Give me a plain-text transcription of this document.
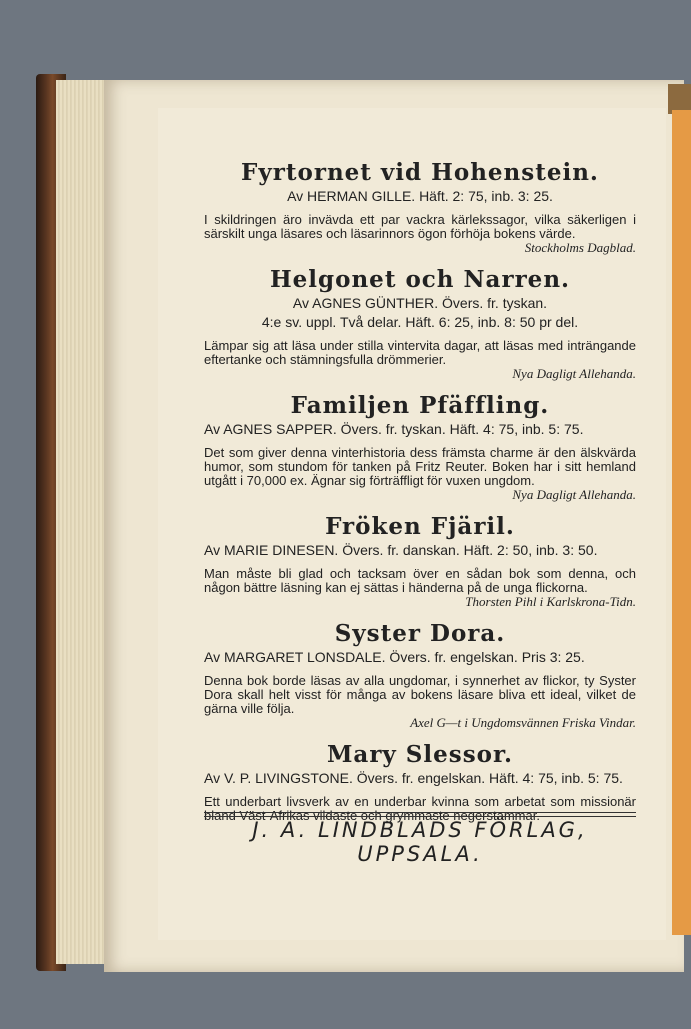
Fyrtornet vid Hohenstein.
Av HERMAN GILLE. Häft. 2: 75, inb. 3: 25.
I skildringen äro invävda ett par vackra kärlekssagor, vilka säkerligen i särskilt unga läsares och läsarinnors ögon förhöja bokens värde.
Stockholms Dagblad.
Helgonet och Narren.
Av AGNES GÜNTHER. Övers. fr. tyskan.
4:e sv. uppl. Två delar. Häft. 6: 25, inb. 8: 50 pr del.
Lämpar sig att läsa under stilla vintervita dagar, att läsas med inträngande eftertanke och stämningsfulla drömmerier.
Nya Dagligt Allehanda.
Familjen Pfäffling.
Av AGNES SAPPER. Övers. fr. tyskan. Häft. 4: 75, inb. 5: 75.
Det som giver denna vinterhistoria dess främsta charme är den älskvärda humor, som stundom för tanken på Fritz Reuter. Boken har i sitt hemland utgått i 70,000 ex. Ägnar sig förträffligt för vuxen ungdom.
Nya Dagligt Allehanda.
Fröken Fjäril.
Av MARIE DINESEN. Övers. fr. danskan. Häft. 2: 50, inb. 3: 50.
Man måste bli glad och tacksam över en sådan bok som denna, och någon bättre läsning kan ej sättas i händerna på de unga flickorna.
Thorsten Pihl i Karlskrona-Tidn.
Syster Dora.
Av MARGARET LONSDALE. Övers. fr. engelskan. Pris 3: 25.
Denna bok borde läsas av alla ungdomar, i synnerhet av flickor, ty Syster Dora skall helt visst för många av bokens läsare bliva ett ideal, vilket de gärna ville följa.
Axel G—t i Ungdomsvännen Friska Vindar.
Mary Slessor.
Av V. P. LIVINGSTONE. Övers. fr. engelskan. Häft. 4: 75, inb. 5: 75.
Ett underbart livsverk av en underbar kvinna som arbetat som missionär bland Väst-Afrikas vildaste och grymmaste negerstammar.
J. A. LINDBLADS FÖRLAG, UPPSALA.
